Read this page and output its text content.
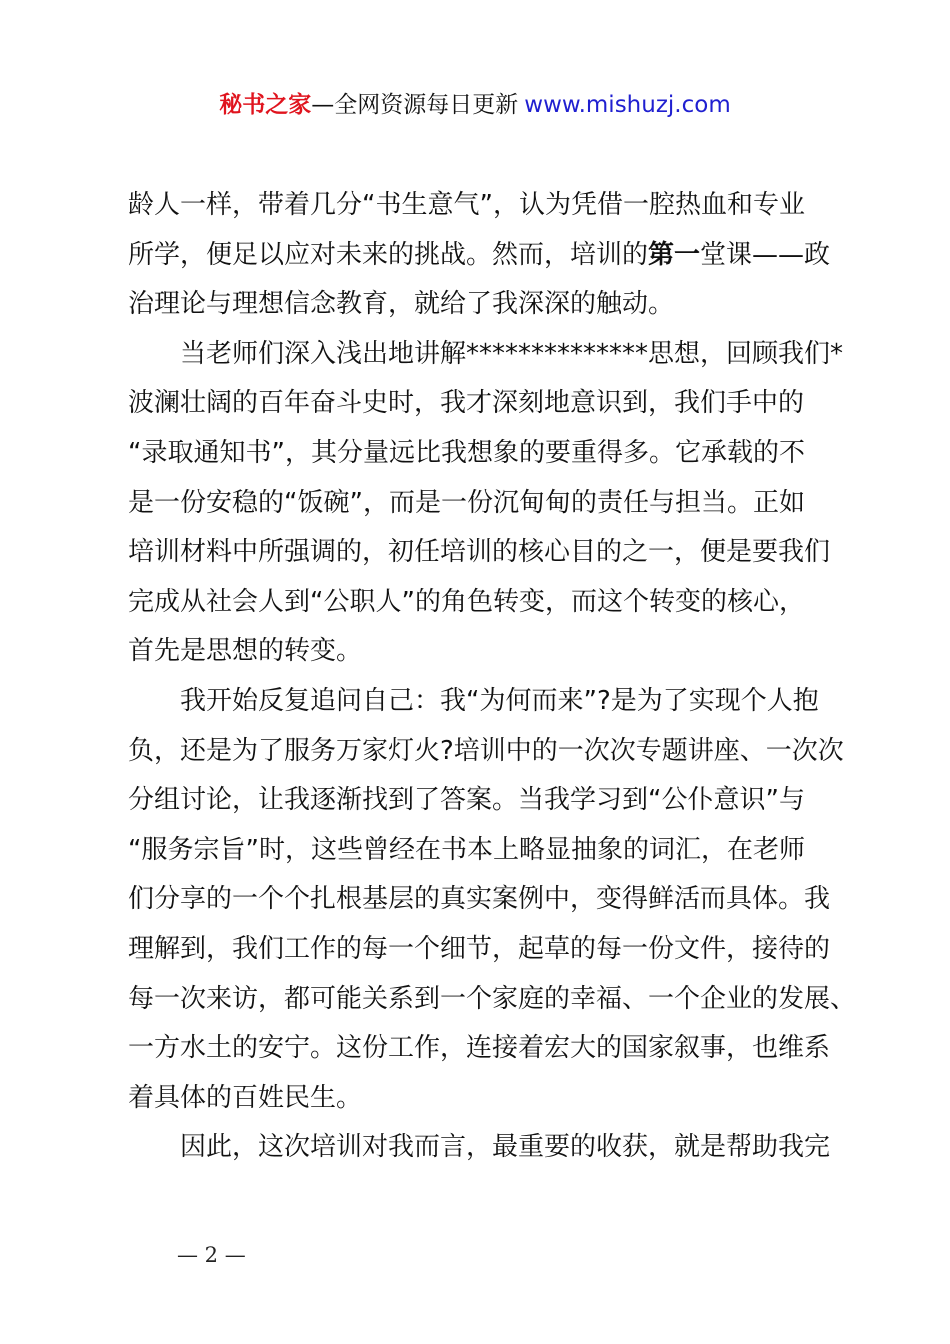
秘书之家—全网资源每日更新 www.mishuzj.com
龄人一样，带着几分“书生意气”，认为凭借一腔热血和专业
所学，便足以应对未来的挑战。然而，培训的第一堂课——政
治理论与理想信念教育，就给了我深深的触动。
当老师们深入浅出地讲解**************思想，回顾我们*
波澜壮阔的百年奋斗史时，我才深刻地意识到，我们手中的
“录取通知书”，其分量远比我想象的要重得多。它承载的不
是一份安稳的“饭碗”，而是一份沉甸甸的责任与担当。正如
培训材料中所强调的，初任培训的核心目的之一，便是要我们
完成从社会人到“公职人”的角色转变，而这个转变的核心，
首先是思想的转变。
我开始反复追问自己：我“为何而来”?是为了实现个人抱
负，还是为了服务万家灯火?培训中的一次次专题讲座、一次次
分组讨论，让我逐渐找到了答案。当我学习到“公仆意识”与
“服务宗旨”时，这些曾经在书本上略显抽象的词汇，在老师
们分享的一个个扎根基层的真实案例中，变得鲜活而具体。我
理解到，我们工作的每一个细节，起草的每一份文件，接待的
每一次来访，都可能关系到一个家庭的幸福、一个企业的发展、
一方水土的安宁。这份工作，连接着宏大的国家叙事，也维系
着具体的百姓民生。
因此，这次培训对我而言，最重要的收获，就是帮助我完
— 2 —
